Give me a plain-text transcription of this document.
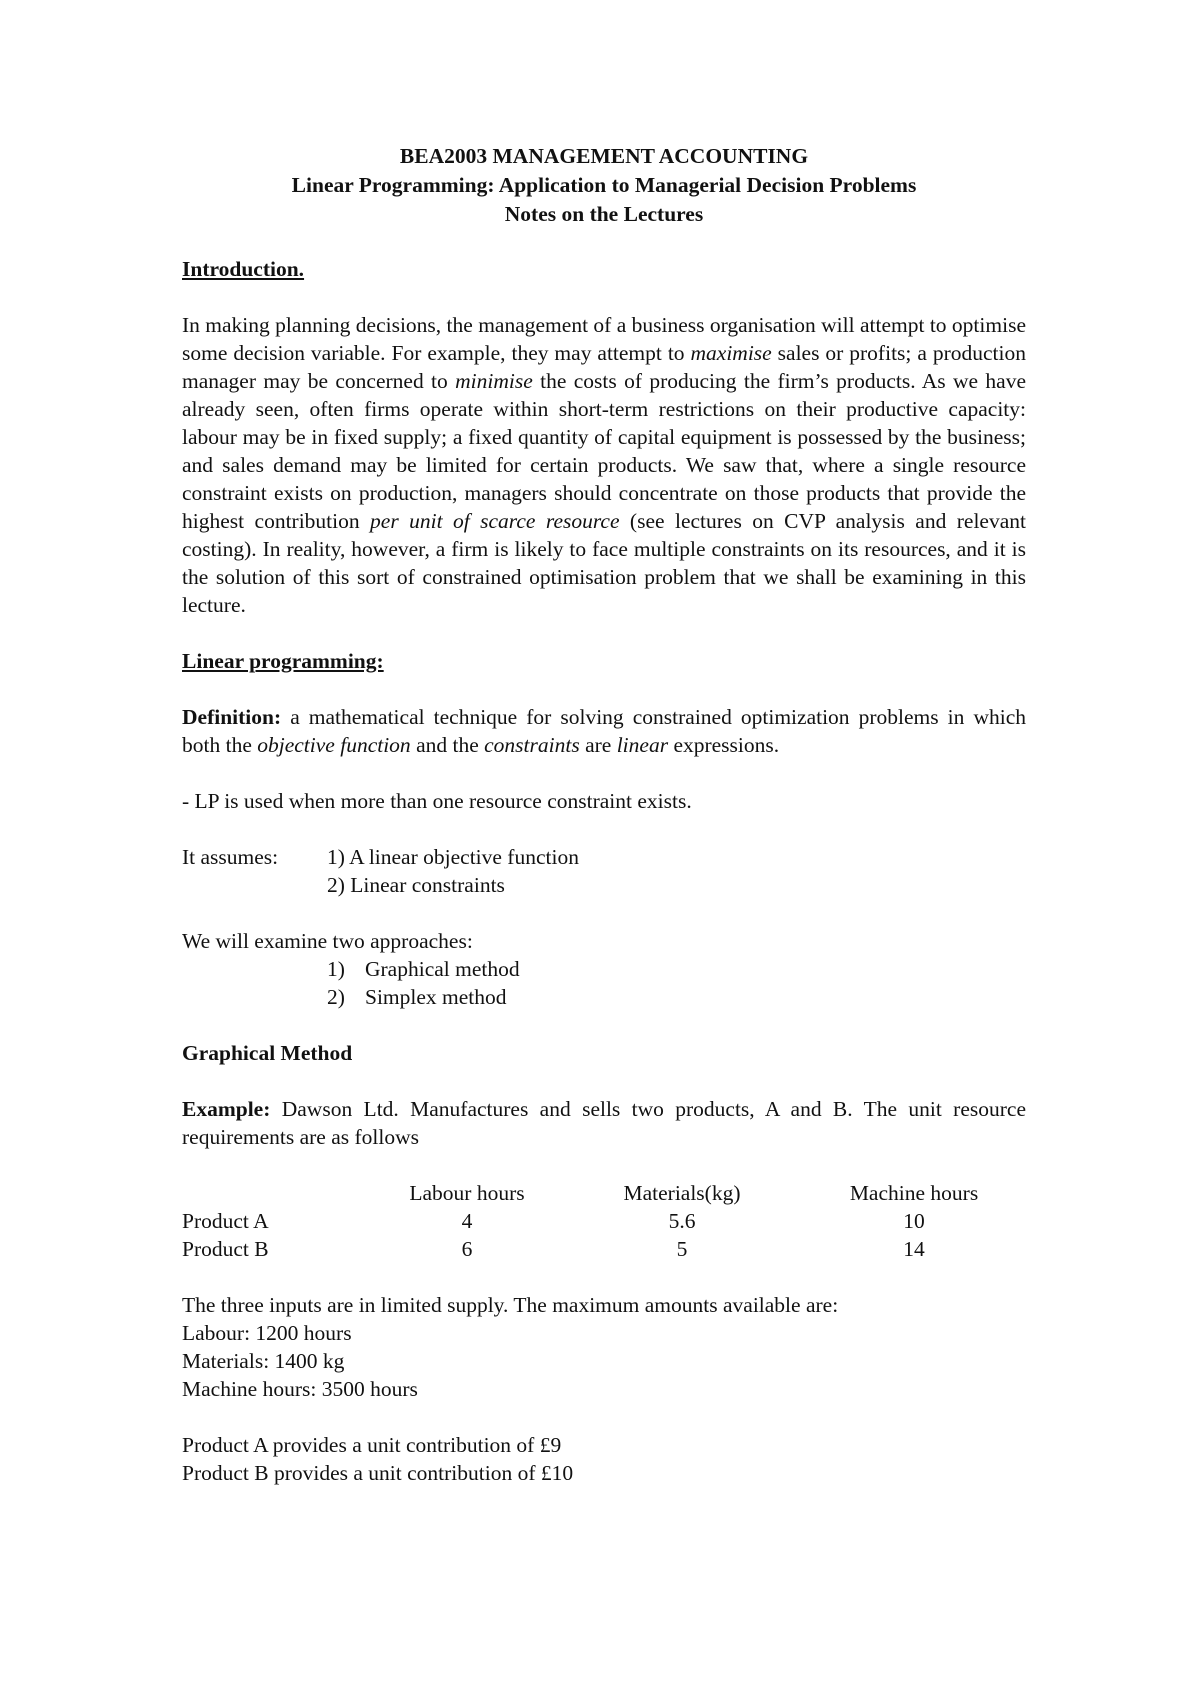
BEA2003 MANAGEMENT ACCOUNTING
Linear Programming: Application to Managerial Decision Problems
Notes on the Lectures
Introduction.

In making planning decisions, the management of a business organisation will attempt to optimise some decision variable. For example, they may attempt to maximise sales or profits; a production manager may be concerned to minimise the costs of producing the firm’s products. As we have already seen, often firms operate within short-term restrictions on their productive capacity: labour may be in fixed supply; a fixed quantity of capital equipment is possessed by the business; and sales demand may be limited for certain products. We saw that, where a single resource constraint exists on production, managers should concentrate on those products that provide the highest contribution per unit of scarce resource (see lectures on CVP analysis and relevant costing). In reality, however, a firm is likely to face multiple constraints on its resources, and it is the solution of this sort of constrained optimisation problem that we shall be examining in this lecture.

Linear programming:

Definition: a mathematical technique for solving constrained optimization problems in which both the objective function and the constraints are linear expressions.

- LP is used when more than one resource constraint exists.

It assumes: 1) A linear objective function
2) Linear constraints

We will examine two approaches:

1) Graphical method
2) Simplex method
Graphical Method

Example: Dawson Ltd. Manufactures and sells two products, A and B. The unit resource requirements are as follows

	Labour hours	Materials(kg)	Machine hours
Product A	4	5.6	10
Product B	6	5	14

The three inputs are in limited supply. The maximum amounts available are:

Labour: 1200 hours

Materials: 1400 kg

Machine hours: 3500 hours

Product A provides a unit contribution of £9

Product B provides a unit contribution of £10
